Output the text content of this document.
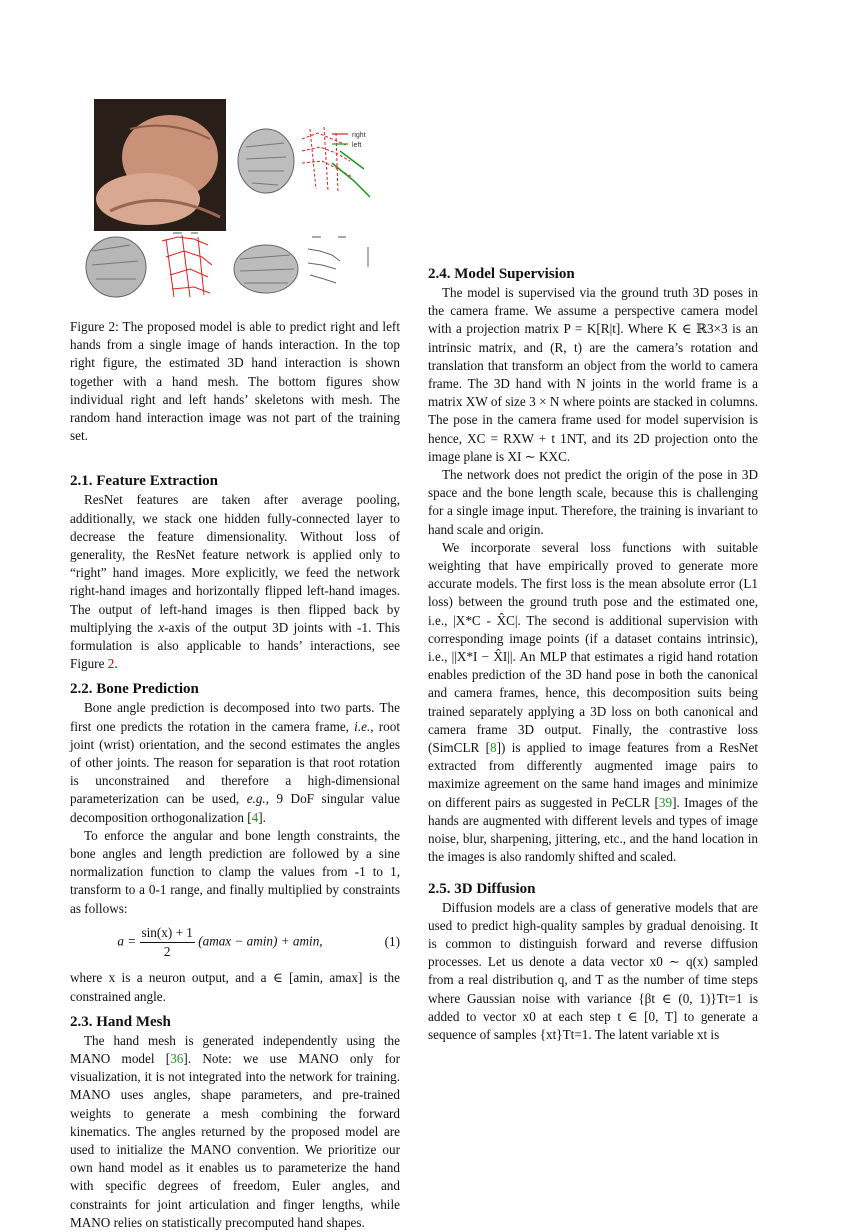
right
left

Figure 2: The proposed model is able to predict right and left hands from a single image of hands interaction. In the top right figure, the estimated 3D hand interaction is shown together with a hand mesh. The bottom figures show individual right and left hands’ skeletons with mesh. The random hand interaction image was not part of the training set.

2.1. Feature Extraction

ResNet features are taken after average pooling, additionally, we stack one hidden fully-connected layer to decrease the feature dimensionality. Without loss of generality, the ResNet feature network is applied only to “right” hand images. More explicitly, we feed the network right-hand images and horizontally flipped left-hand images. The output of left-hand images is then flipped back by multiplying the x-axis of the output 3D joints with -1. This formulation is also applicable to hands’ interactions, see Figure 2.

2.2. Bone Prediction

Bone angle prediction is decomposed into two parts. The first one predicts the rotation in the camera frame, i.e., root joint (wrist) orientation, and the second estimates the angles of other joints. The reason for separation is that root rotation is unconstrained and therefore a high-dimensional parameterization can be used, e.g., 9 DoF singular value decomposition orthogonalization [4].

To enforce the angular and bone length constraints, the bone angles and length prediction are followed by a sine normalization function to clamp the values from -1 to 1, transform to a 0-1 range, and finally multiplied by constraints as follows:

$a = \frac{\sin(x) + 1}{2} (amax - amin) + amin$,	(1)

where x is a neuron output, and a ∈ [amin, amax] is the constrained angle.

2.3. Hand Mesh

The hand mesh is generated independently using the MANO model [36]. Note: we use MANO only for visualization, it is not integrated into the network for training. MANO uses angles, shape parameters, and pre-trained weights to generate a mesh combining the forward kinematics. The angles returned by the proposed model are used to initialize the MANO convention. We prioritize our own hand model as it enables us to parameterize the hand with specific degrees of freedom, Euler angles, and constraints for joint articulation and finger lengths, while MANO relies on statistically precomputed hand shapes.

2.4. Model Supervision

The model is supervised via the ground truth 3D poses in the camera frame. We assume a perspective camera model with a projection matrix P = K[R|t]. Where K ∈ ℝ3×3 is an intrinsic matrix, and (R, t) are the camera’s rotation and translation that transform an object from the world to camera frame. The 3D hand with N joints in the world frame is a matrix XW of size 3 × N where points are stacked in columns. The pose in the camera frame used for model supervision is hence, XC = RXW + t 1NT, and its 2D projection onto the image plane is XI ∼ KXC.

The network does not predict the origin of the pose in 3D space and the bone length scale, because this is challenging for a single image input. Therefore, the training is invariant to hand scale and origin.

We incorporate several loss functions with suitable weighting that have empirically proved to generate more accurate models. The first loss is the mean absolute error (L1 loss) between the ground truth pose and the estimated one, i.e., |X*C - X̂C|. The second is additional supervision with corresponding image points (if a dataset contains intrinsic), i.e., ||X*I − X̂I||. An MLP that estimates a rigid hand rotation enables prediction of the 3D hand pose in both the canonical and camera frames, hence, this decomposition suits being trained separately applying a 3D loss on both canonical and camera frame 3D output. Finally, the contrastive loss (SimCLR [8]) is applied to image features from a ResNet extracted from differently augmented image pairs to maximize agreement on the same hand images and minimize on different pairs as suggested in PeCLR [39]. Images of the hands are augmented with different levels and types of image noise, blur, sharpening, jittering, etc., and the hand location in the images is also randomly shifted and scaled.

2.5. 3D Diffusion

Diffusion models are a class of generative models that are used to predict high-quality samples by gradual denoising. It is common to distinguish forward and reverse diffusion processes. Let us denote a data vector x0 ∼ q(x) sampled from a real distribution q, and T as the number of time steps where Gaussian noise with variance {βt ∈ (0, 1)}Tt=1 is added to vector x0 at each step t ∈ [0, T] to generate a sequence of samples {xt}Tt=1. The latent variable xt is
